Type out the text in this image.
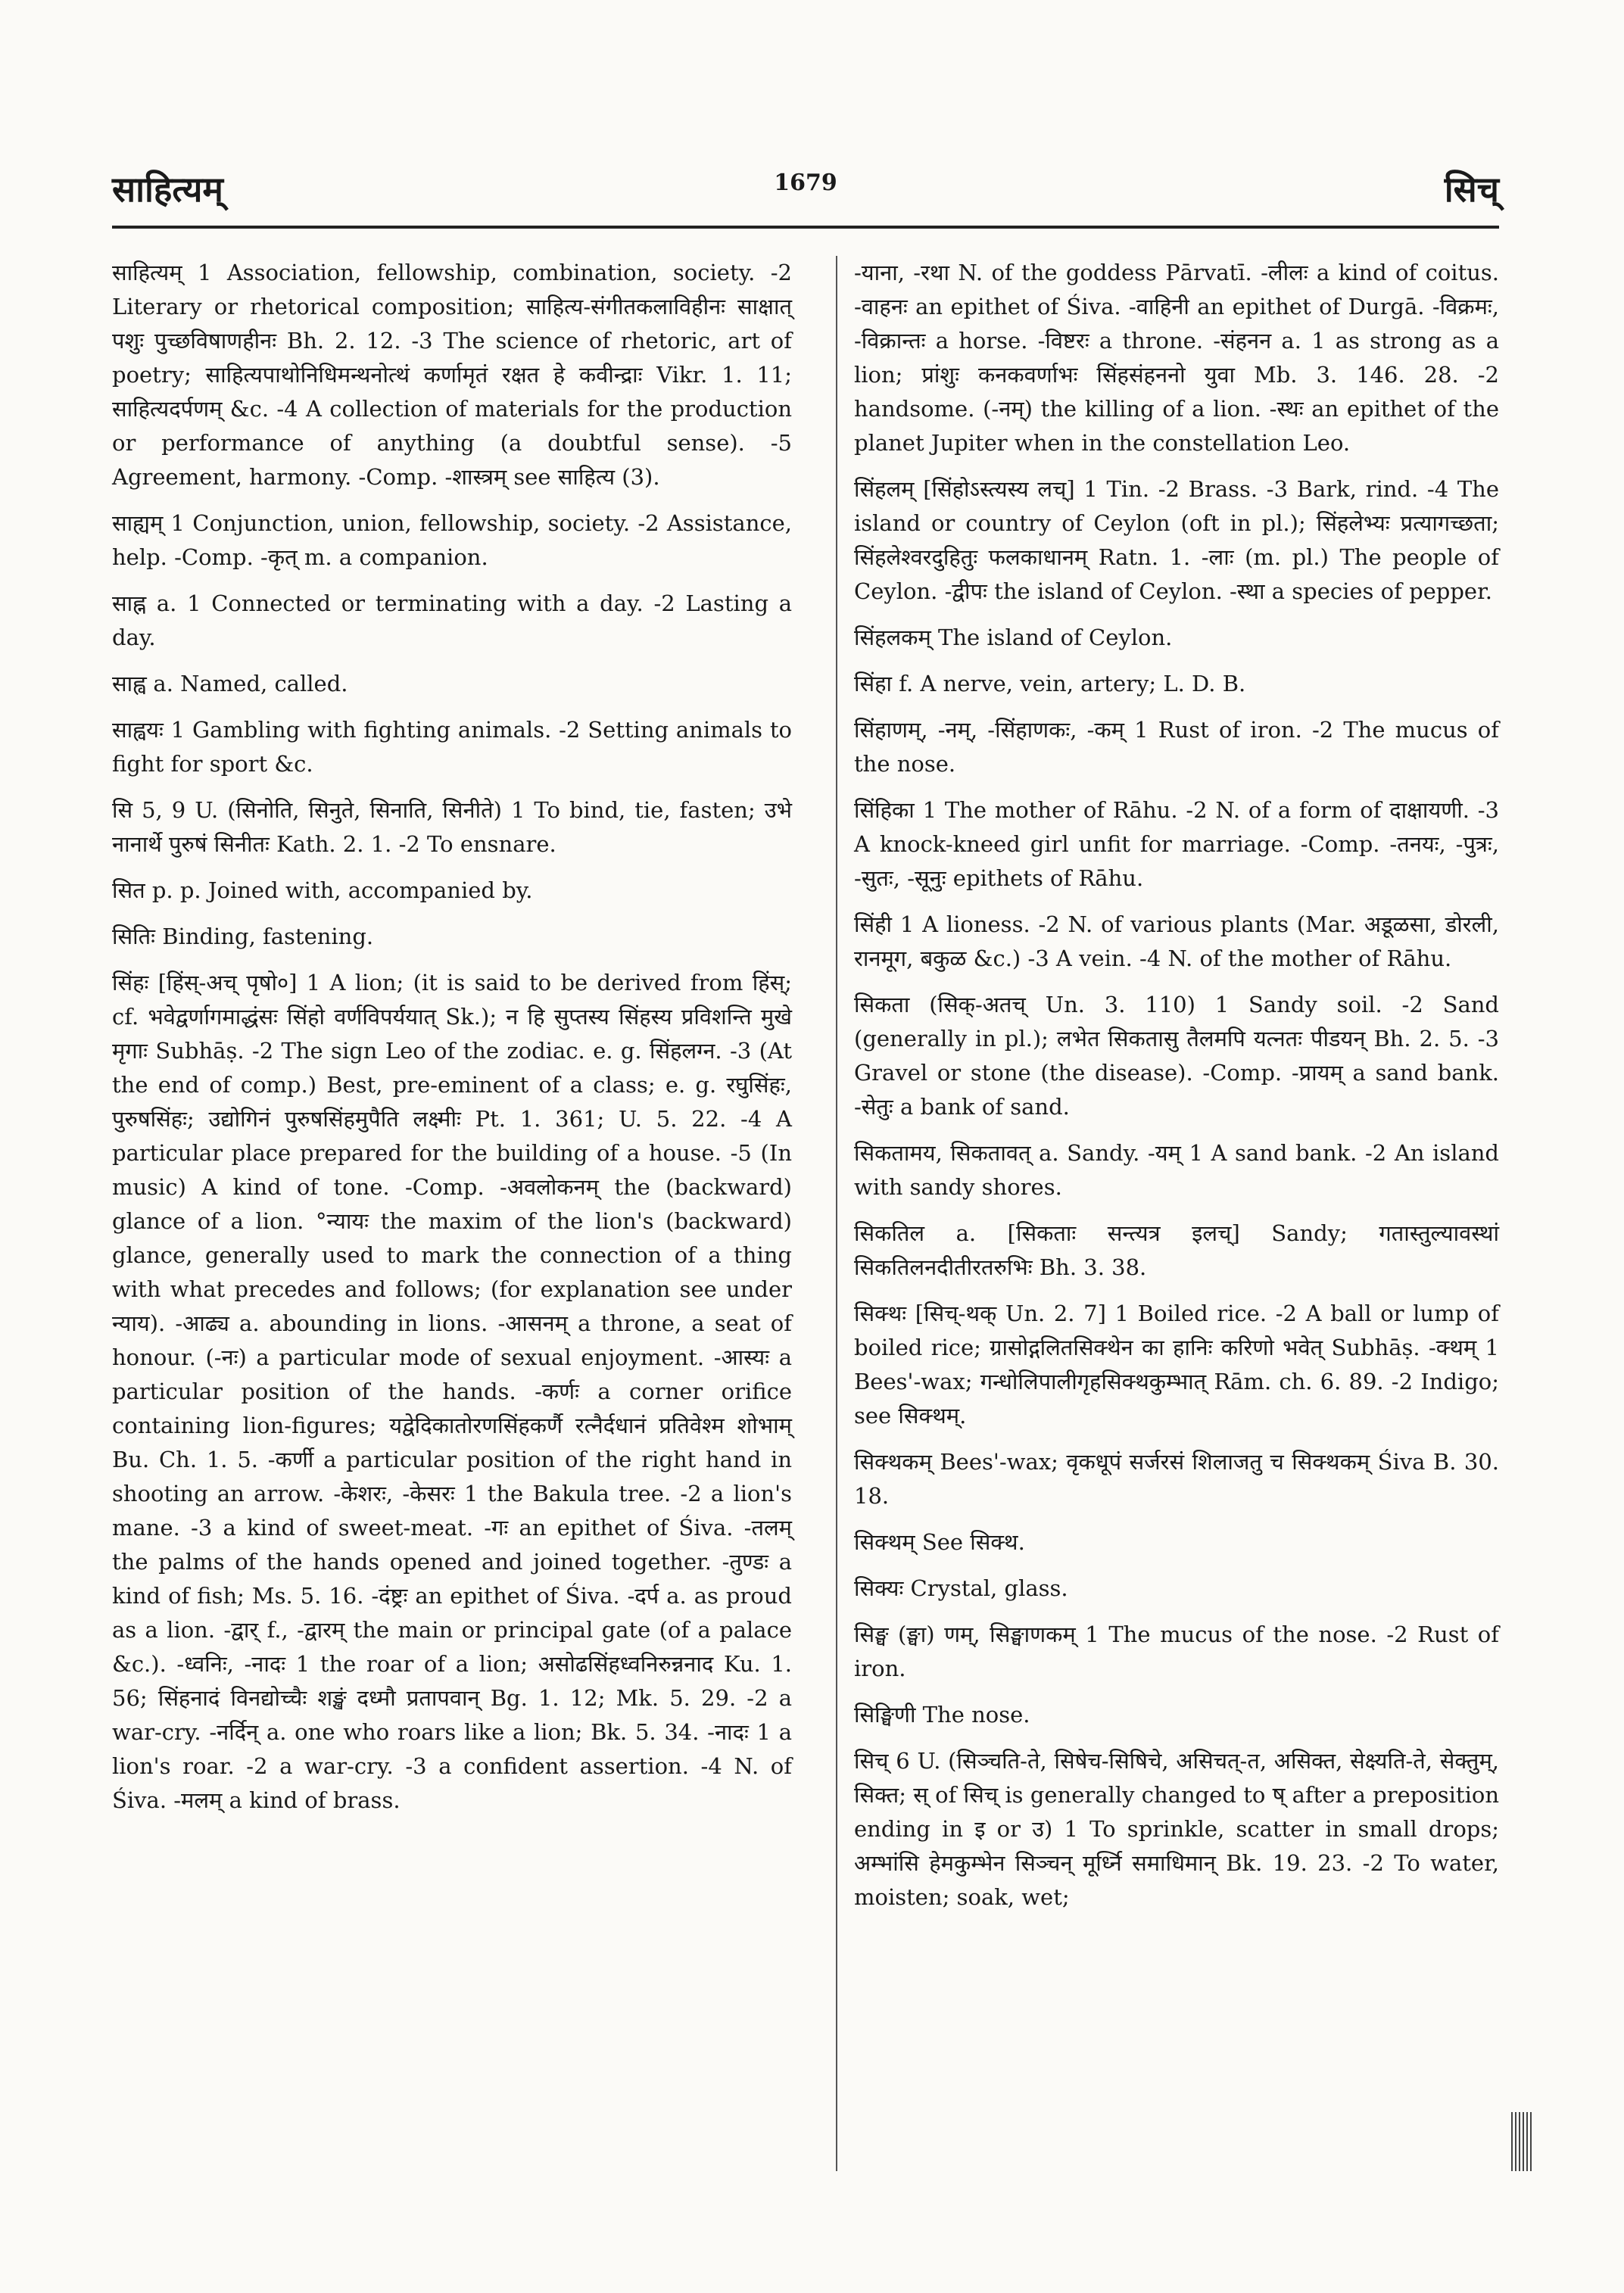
साहित्यम्	1679	सिच्

साहित्यम् 1 Association, fellowship, combination, society. -2 Literary or rhetorical composition; साहित्य-संगीतकलाविहीनः साक्षात् पशुः पुच्छविषाणहीनः Bh. 2. 12. -3 The science of rhetoric, art of poetry; साहित्यपाथोनिधिमन्थनोत्थं कर्णामृतं रक्षत हे कवीन्द्राः Vikr. 1. 11; साहित्यदर्पणम् &c. -4 A collection of materials for the production or performance of anything (a doubtful sense). -5 Agreement, harmony. -Comp. -शास्त्रम् see साहित्य (3).

साह्यम् 1 Conjunction, union, fellowship, society. -2 Assistance, help. -Comp. -कृत् m. a companion.

साह्न a. 1 Connected or terminating with a day. -2 Lasting a day.

साह्व a. Named, called.

साह्वयः 1 Gambling with fighting animals. -2 Setting animals to fight for sport &c.

सि 5, 9 U. (सिनोति, सिनुते, सिनाति, सिनीते) 1 To bind, tie, fasten; उभे नानार्थे पुरुषं सिनीतः Kath. 2. 1. -2 To ensnare.

सित p. p. Joined with, accompanied by.

सितिः Binding, fastening.

सिंहः [हिंस्-अच् पृषो०] 1 A lion; (it is said to be derived from हिंस्; cf. भवेद्वर्णागमाद्धंसः सिंहो वर्णविपर्ययात् Sk.); न हि सुप्तस्य सिंहस्य प्रविशन्ति मुखे मृगाः Subhāṣ. -2 The sign Leo of the zodiac. e. g. सिंहलग्न. -3 (At the end of comp.) Best, pre-eminent of a class; e. g. रघुसिंहः, पुरुषसिंहः; उद्योगिनं पुरुषसिंहमुपैति लक्ष्मीः Pt. 1. 361; U. 5. 22. -4 A particular place prepared for the building of a house. -5 (In music) A kind of tone. -Comp. -अवलोकनम् the (backward) glance of a lion. °न्यायः the maxim of the lion's (backward) glance, generally used to mark the connection of a thing with what precedes and follows; (for explanation see under न्याय). -आढ्य a. abounding in lions. -आसनम् a throne, a seat of honour. (-नः) a particular mode of sexual enjoyment. -आस्यः a particular position of the hands. -कर्णः a corner orifice containing lion-figures; यद्वेदिकातोरणसिंहकर्णै रत्नैर्दधानं प्रतिवेश्म शोभाम् Bu. Ch. 1. 5. -कर्णी a particular position of the right hand in shooting an arrow. -केशरः, -केसरः 1 the Bakula tree. -2 a lion's mane. -3 a kind of sweet-meat. -गः an epithet of Śiva. -तलम् the palms of the hands opened and joined together. -तुण्डः a kind of fish; Ms. 5. 16. -दंष्ट्रः an epithet of Śiva. -दर्प a. as proud as a lion. -द्वार् f., -द्वारम् the main or principal gate (of a palace &c.). -ध्वनिः, -नादः 1 the roar of a lion; असोढसिंहध्वनिरुन्ननाद Ku. 1. 56; सिंहनादं विनद्योच्चैः शङ्खं दध्मौ प्रतापवान् Bg. 1. 12; Mk. 5. 29. -2 a war-cry. -नर्दिन् a. one who roars like a lion; Bk. 5. 34. -नादः 1 a lion's roar. -2 a war-cry. -3 a confident assertion. -4 N. of Śiva. -मलम् a kind of brass.

-याना, -रथा N. of the goddess Pārvatī. -लीलः a kind of coitus. -वाहनः an epithet of Śiva. -वाहिनी an epithet of Durgā. -विक्रमः, -विक्रान्तः a horse. -विष्टरः a throne. -संहनन a. 1 as strong as a lion; प्रांशुः कनकवर्णाभः सिंहसंहननो युवा Mb. 3. 146. 28. -2 handsome. (-नम्) the killing of a lion. -स्थः an epithet of the planet Jupiter when in the constellation Leo.

सिंहलम् [सिंहोऽस्त्यस्य लच्] 1 Tin. -2 Brass. -3 Bark, rind. -4 The island or country of Ceylon (oft in pl.); सिंहलेभ्यः प्रत्यागच्छता; सिंहलेश्वरदुहितुः फलकाधानम् Ratn. 1. -लाः (m. pl.) The people of Ceylon. -द्वीपः the island of Ceylon. -स्था a species of pepper.

सिंहलकम् The island of Ceylon.

सिंहा f. A nerve, vein, artery; L. D. B.

सिंहाणम्, -नम्, -सिंहाणकः, -कम् 1 Rust of iron. -2 The mucus of the nose.

सिंहिका 1 The mother of Rāhu. -2 N. of a form of दाक्षायणी. -3 A knock-kneed girl unfit for marriage. -Comp. -तनयः, -पुत्रः, -सुतः, -सूनुः epithets of Rāhu.

सिंही 1 A lioness. -2 N. of various plants (Mar. अडूळसा, डोरली, रानमूग, बकुळ &c.) -3 A vein. -4 N. of the mother of Rāhu.

सिकता (सिक्-अतच् Un. 3. 110) 1 Sandy soil. -2 Sand (generally in pl.); लभेत सिकतासु तैलमपि यत्नतः पीडयन् Bh. 2. 5. -3 Gravel or stone (the disease). -Comp. -प्रायम् a sand bank. -सेतुः a bank of sand.

सिकतामय, सिकतावत् a. Sandy. -यम् 1 A sand bank. -2 An island with sandy shores.

सिकतिल a. [सिकताः सन्त्यत्र इलच्] Sandy; गतास्तुल्यावस्थां सिकतिलनदीतीरतरुभिः Bh. 3. 38.

सिक्थः [सिच्-थक् Un. 2. 7] 1 Boiled rice. -2 A ball or lump of boiled rice; ग्रासोद्गलितसिक्थेन का हानिः करिणो भवेत् Subhāṣ. -क्थम् 1 Bees'-wax; गन्धोलिपालीगृहसिक्थकुम्भात् Rām. ch. 6. 89. -2 Indigo; see सिक्थम्.

सिक्थकम् Bees'-wax; वृकधूपं सर्जरसं शिलाजतु च सिक्थकम् Śiva B. 30. 18.

सिक्थम् See सिक्थ.

सिक्यः Crystal, glass.

सिङ्घ (ङ्घा) णम्, सिङ्घाणकम् 1 The mucus of the nose. -2 Rust of iron.

सिङ्घिणी The nose.

सिच् 6 U. (सिञ्चति-ते, सिषेच-सिषिचे, असिचत्-त, असिक्त, सेक्ष्यति-ते, सेक्तुम्, सिक्त; स् of सिच् is generally changed to ष् after a preposition ending in इ or उ) 1 To sprinkle, scatter in small drops; अम्भांसि हेमकुम्भेन सिञ्चन् मूर्ध्नि समाधिमान् Bk. 19. 23. -2 To water, moisten; soak, wet;
